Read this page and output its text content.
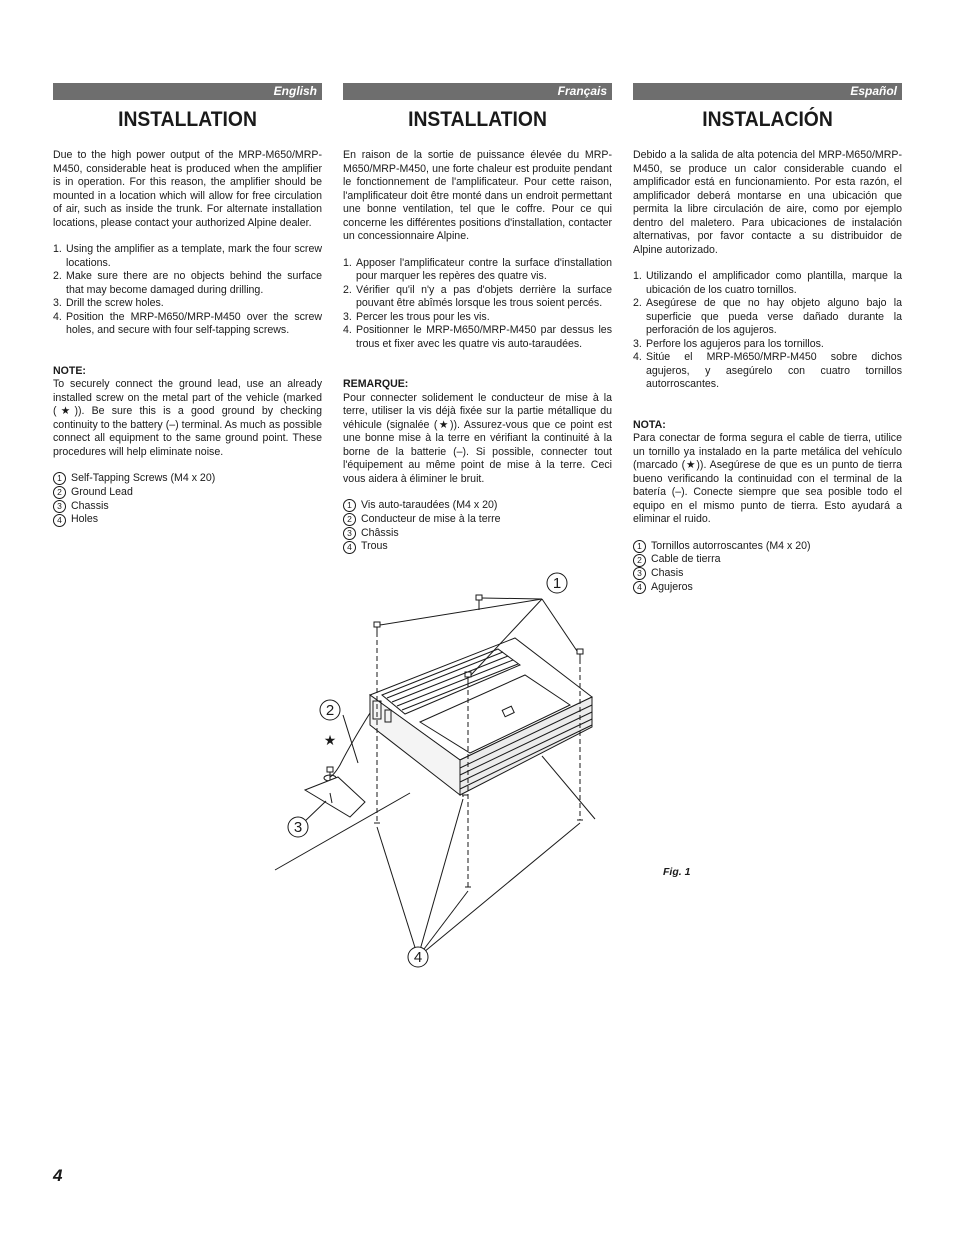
English
INSTALLATION
Due to the high power output of the MRP-M650/MRP-M450, considerable heat is produced when the amplifier is in operation. For this reason, the amplifier should be mounted in a location which will allow for free circulation of air, such as inside the trunk. For alternate installation locations, please contact your authorized Alpine dealer.
1. Using the amplifier as a template, mark the four screw locations.
2. Make sure there are no objects behind the surface that may become damaged during drilling.
3. Drill the screw holes.
4. Position the MRP-M650/MRP-M450 over the screw holes, and secure with four self-tapping screws.
NOTE:
To securely connect the ground lead, use an already installed screw on the metal part of the vehicle (marked (★)). Be sure this is a good ground by checking continuity to the battery (–) terminal. As much as possible connect all equipment to the same ground point. These procedures will help eliminate noise.
1 Self-Tapping Screws (M4 x 20)
2 Ground Lead
3 Chassis
4 Holes
Français
INSTALLATION
En raison de la sortie de puissance élevée du MRP-M650/MRP-M450, une forte chaleur est produite pendant le fonctionnement de l'amplificateur. Pour cette raison, l'amplificateur doit être monté dans un endroit permettant une bonne ventilation, tel que le coffre. Pour ce qui concerne les différentes positions d'installation, contacter un concessionnaire Alpine.
1. Apposer l'amplificateur contre la surface d'installation pour marquer les repères des quatre vis.
2. Vérifier qu'il n'y a pas d'objets derrière la surface pouvant être abîmés lorsque les trous soient percés.
3. Percer les trous pour les vis.
4. Positionner le MRP-M650/MRP-M450 par dessus les trous et fixer avec les quatre vis auto-taraudées.
REMARQUE:
Pour connecter solidement le conducteur de mise à la terre, utiliser la vis déjà fixée sur la partie métallique du véhicule (signalée (★)). Assurez-vous que ce point est une bonne mise à la terre en vérifiant la continuité à la borne de la batterie (–). Si possible, connecter tout l'équipement au même point de mise à la terre. Ceci vous aidera à éliminer le bruit.
1 Vis auto-taraudées (M4 x 20)
2 Conducteur de mise à la terre
3 Châssis
4 Trous
Español
INSTALACIÓN
Debido a la salida de alta potencia del MRP-M650/MRP-M450, se produce un calor considerable cuando el amplificador está en funcionamiento. Por esta razón, el amplificador deberá montarse en una ubicación que permita la libre circulación de aire, como por ejemplo dentro del maletero. Para ubicaciones de instalación alternativas, por favor contacte a su distribuidor de Alpine autorizado.
1. Utilizando el amplificador como plantilla, marque la ubicación de los cuatro tornillos.
2. Asegúrese de que no hay objeto alguno bajo la superficie que pueda verse dañado durante la perforación de los agujeros.
3. Perfore los agujeros para los tornillos.
4. Sitúe el MRP-M650/MRP-M450 sobre dichos agujeros, y asegúrelo con cuatro tornillos autorroscantes.
NOTA:
Para conectar de forma segura el cable de tierra, utilice un tornillo ya instalado en la parte metálica del vehículo (marcado (★)). Asegúrese de que es un punto de tierra bueno verificando la continuidad con el terminal de la batería (–). Conecte siempre que sea posible todo el equipo en el mismo punto de tierra. Esto ayudará a eliminar el ruido.
1 Tornillos autorroscantes (M4 x 20)
2 Cable de tierra
3 Chasis
4 Agujeros
1
2
3
4
★
Fig. 1
4
